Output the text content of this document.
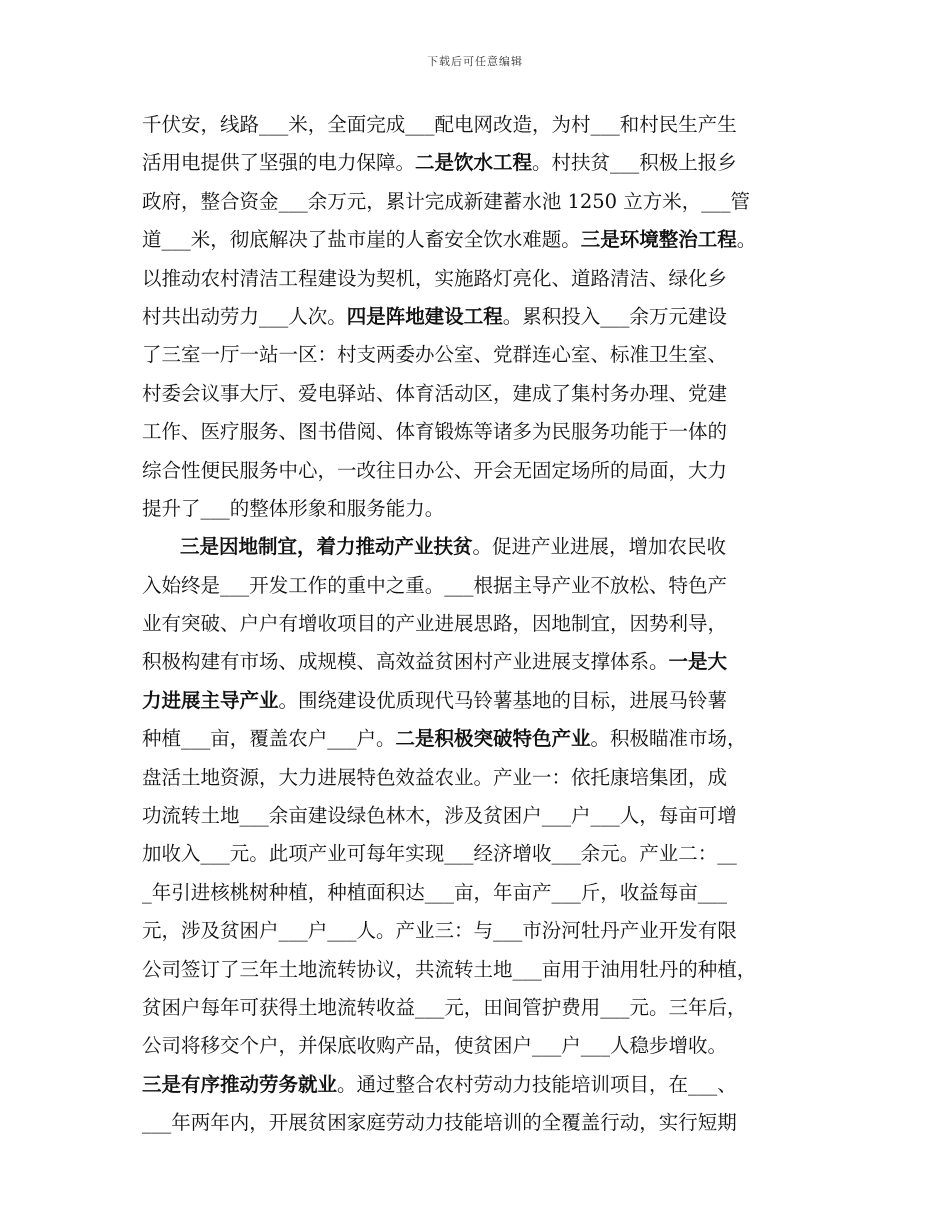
下载后可任意编辑
千伏安，线路___米，全面完成___配电网改造，为村___和村民生产生
活用电提供了坚强的电力保障。二是饮水工程。村扶贫___积极上报乡
政府，整合资金___余万元，累计完成新建蓄水池 1250 立方米，___管
道___米，彻底解决了盐市崖的人畜安全饮水难题。三是环境整治工程。
以推动农村清洁工程建设为契机，实施路灯亮化、道路清洁、绿化乡
村共出动劳力___人次。四是阵地建设工程。累积投入___余万元建设
了三室一厅一站一区：村支两委办公室、党群连心室、标准卫生室、
村委会议事大厅、爱电驿站、体育活动区，建成了集村务办理、党建
工作、医疗服务、图书借阅、体育锻炼等诸多为民服务功能于一体的
综合性便民服务中心，一改往日办公、开会无固定场所的局面，大力
提升了___的整体形象和服务能力。
三是因地制宜，着力推动产业扶贫。促进产业进展，增加农民收
入始终是___开发工作的重中之重。___根据主导产业不放松、特色产
业有突破、户户有增收项目的产业进展思路，因地制宜，因势利导，
积极构建有市场、成规模、高效益贫困村产业进展支撑体系。一是大
力进展主导产业。围绕建设优质现代马铃薯基地的目标，进展马铃薯
种植___亩，覆盖农户___户。二是积极突破特色产业。积极瞄准市场，
盘活土地资源，大力进展特色效益农业。产业一：依托康培集团，成
功流转土地___余亩建设绿色林木，涉及贫困户___户___人，每亩可增
加收入___元。此项产业可每年实现___经济增收___余元。产业二：__
_年引进核桃树种植，种植面积达___亩，年亩产___斤，收益每亩___
元，涉及贫困户___户___人。产业三：与___市汾河牡丹产业开发有限
公司签订了三年土地流转协议，共流转土地___亩用于油用牡丹的种植，
贫困户每年可获得土地流转收益___元，田间管护费用___元。三年后，
公司将移交个户，并保底收购产品，使贫困户___户___人稳步增收。
三是有序推动劳务就业。通过整合农村劳动力技能培训项目，在___、
___年两年内，开展贫困家庭劳动力技能培训的全覆盖行动，实行短期
